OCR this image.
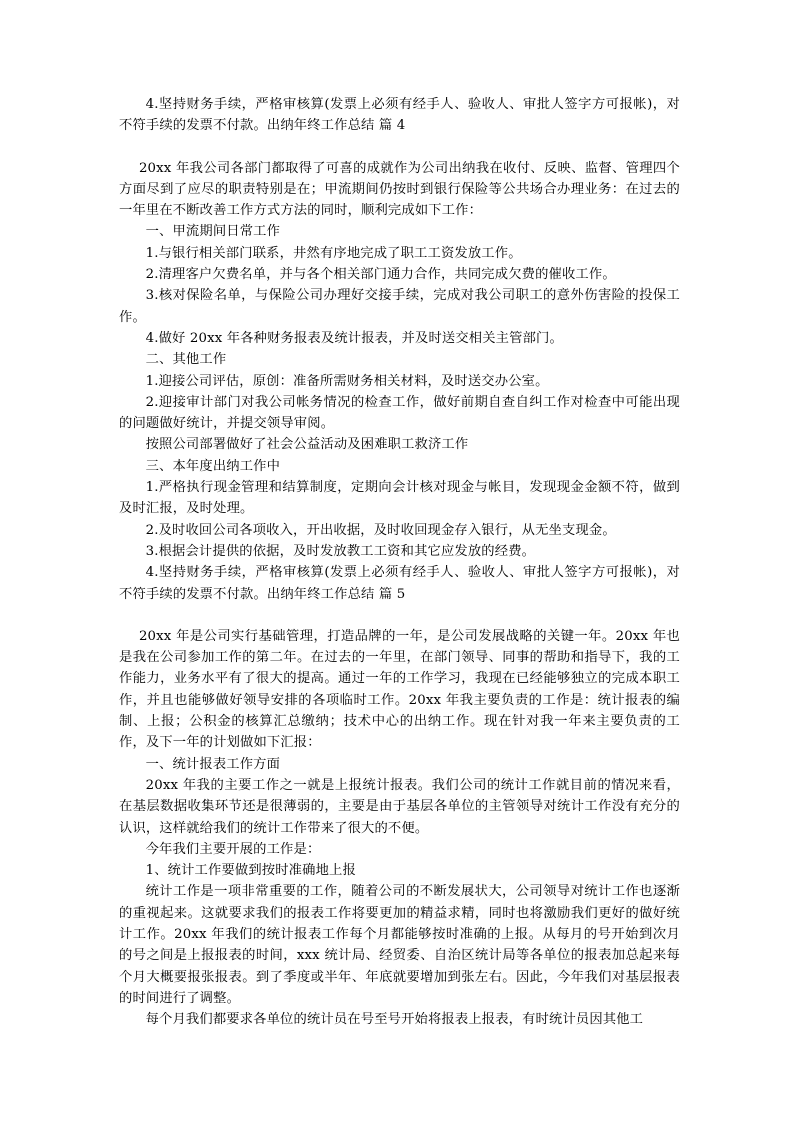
4.坚持财务手续，严格审核算(发票上必须有经手人、验收人、审批人签字方可报帐)，对不符手续的发票不付款。出纳年终工作总结 篇 4

20xx 年我公司各部门都取得了可喜的成就作为公司出纳我在收付、反映、监督、管理四个方面尽到了应尽的职责特别是在；甲流期间仍按时到银行保险等公共场合办理业务：在过去的一年里在不断改善工作方式方法的同时，顺利完成如下工作：

一、甲流期间日常工作

1.与银行相关部门联系，井然有序地完成了职工工资发放工作。

2.清理客户欠费名单，并与各个相关部门通力合作，共同完成欠费的催收工作。

3.核对保险名单，与保险公司办理好交接手续，完成对我公司职工的意外伤害险的投保工作。

4.做好 20xx 年各种财务报表及统计报表，并及时送交相关主管部门。

二、其他工作

1.迎接公司评估，原创：准备所需财务相关材料，及时送交办公室。

2.迎接审计部门对我公司帐务情况的检查工作，做好前期自查自纠工作对检查中可能出现的问题做好统计，并提交领导审阅。

按照公司部署做好了社会公益活动及困难职工救济工作

三、本年度出纳工作中

1.严格执行现金管理和结算制度，定期向会计核对现金与帐目，发现现金金额不符，做到及时汇报，及时处理。

2.及时收回公司各项收入，开出收据，及时收回现金存入银行，从无坐支现金。

3.根据会计提供的依据，及时发放教工工资和其它应发放的经费。

4.坚持财务手续，严格审核算(发票上必须有经手人、验收人、审批人签字方可报帐)，对不符手续的发票不付款。出纳年终工作总结 篇 5

20xx 年是公司实行基础管理，打造品牌的一年，是公司发展战略的关键一年。20xx 年也是我在公司参加工作的第二年。在过去的一年里，在部门领导、同事的帮助和指导下，我的工作能力，业务水平有了很大的提高。通过一年的工作学习，我现在已经能够独立的完成本职工作，并且也能够做好领导安排的各项临时工作。20xx 年我主要负责的工作是：统计报表的编制、上报；公积金的核算汇总缴纳；技术中心的出纳工作。现在针对我一年来主要负责的工作，及下一年的计划做如下汇报：

一、统计报表工作方面

20xx 年我的主要工作之一就是上报统计报表。我们公司的统计工作就目前的情况来看，在基层数据收集环节还是很薄弱的，主要是由于基层各单位的主管领导对统计工作没有充分的认识，这样就给我们的统计工作带来了很大的不便。

今年我们主要开展的工作是：

1、统计工作要做到按时准确地上报

统计工作是一项非常重要的工作，随着公司的不断发展状大，公司领导对统计工作也逐渐的重视起来。这就要求我们的报表工作将要更加的精益求精，同时也将激励我们更好的做好统计工作。20xx 年我们的统计报表工作每个月都能够按时准确的上报。从每月的号开始到次月的号之间是上报报表的时间，xxx 统计局、经贸委、自治区统计局等各单位的报表加总起来每个月大概要报张报表。到了季度或半年、年底就要增加到张左右。因此，今年我们对基层报表的时间进行了调整。

每个月我们都要求各单位的统计员在号至号开始将报表上报表，有时统计员因其他工
